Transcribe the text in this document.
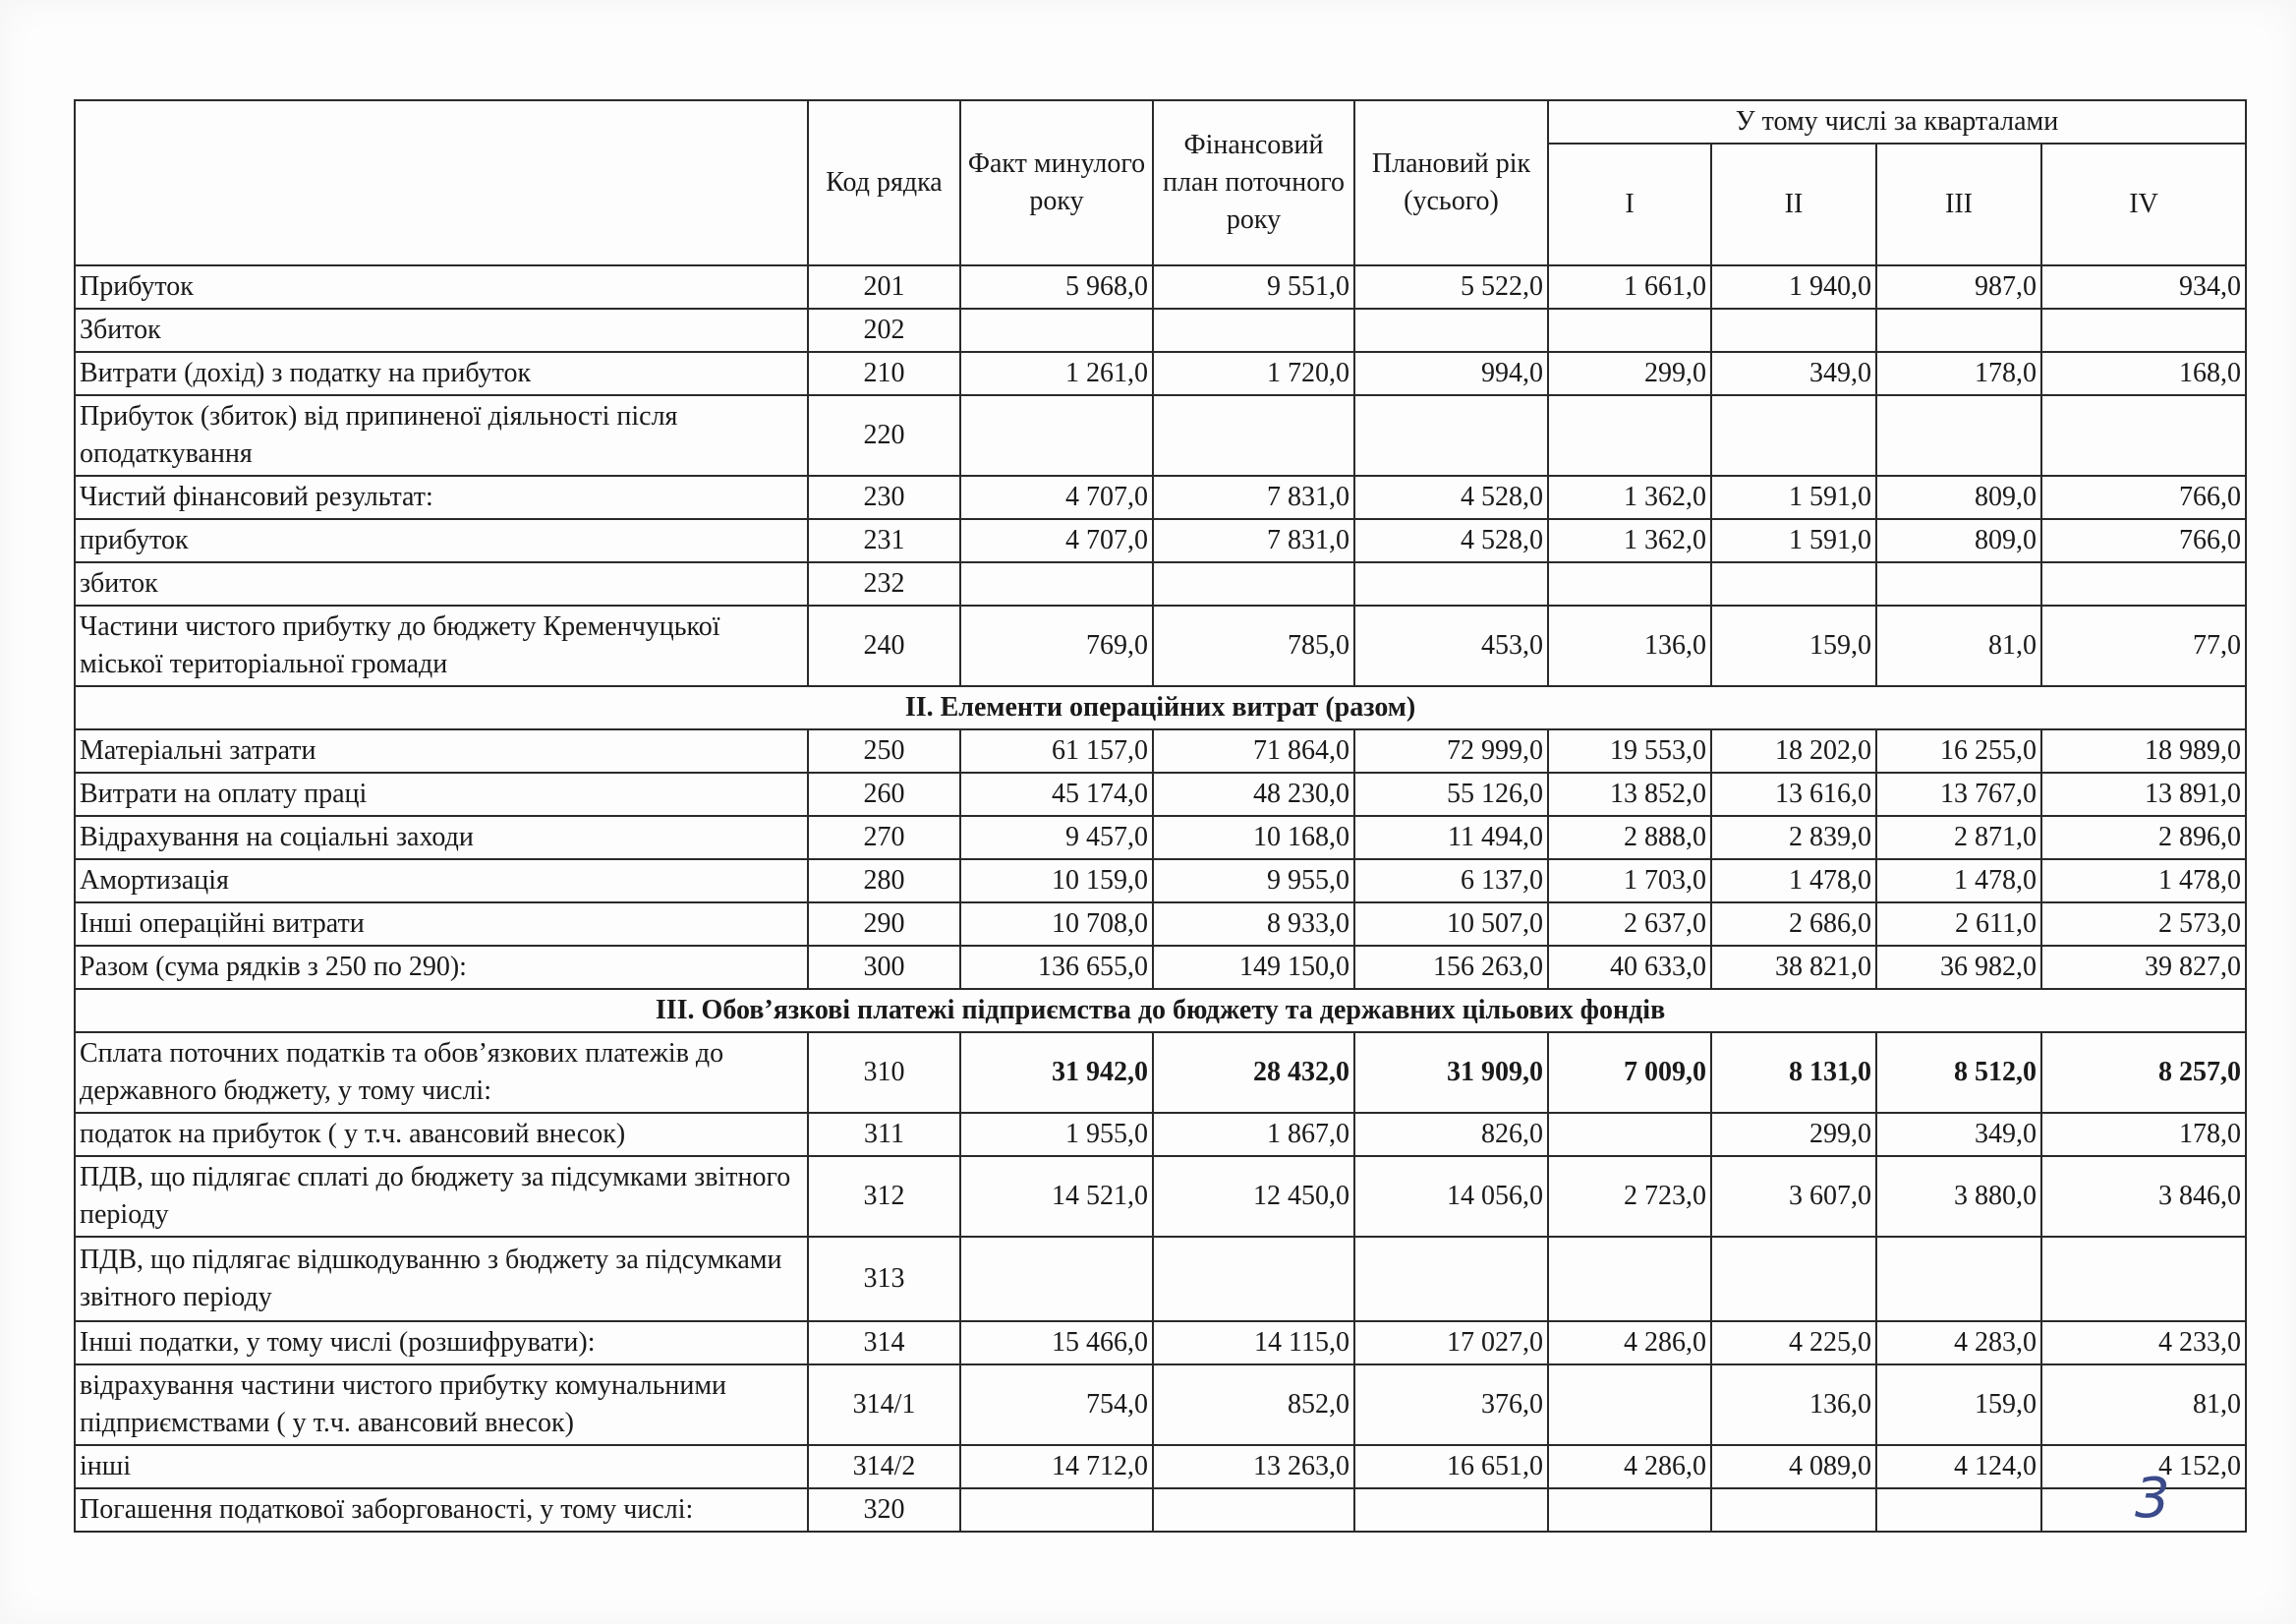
	Код рядка	Факт минулого року	Фінансовий план поточного року	Плановий рік (усього)	У тому числі за кварталами			
					I	II	III	IV
Прибуток	201	5 968,0	9 551,0	5 522,0	1 661,0	1 940,0	987,0	934,0
Збиток	202							
Витрати (дохід) з податку на прибуток	210	1 261,0	1 720,0	994,0	299,0	349,0	178,0	168,0
Прибуток (збиток) від припиненої діяльності після оподаткування	220							
Чистий фінансовий результат:	230	4 707,0	7 831,0	4 528,0	1 362,0	1 591,0	809,0	766,0
прибуток	231	4 707,0	7 831,0	4 528,0	1 362,0	1 591,0	809,0	766,0
збиток	232							
Частини чистого прибутку до бюджету Кременчуцької міської територіальної громади	240	769,0	785,0	453,0	136,0	159,0	81,0	77,0
II. Елементи операційних витрат (разом)								
Матеріальні затрати	250	61 157,0	71 864,0	72 999,0	19 553,0	18 202,0	16 255,0	18 989,0
Витрати на оплату праці	260	45 174,0	48 230,0	55 126,0	13 852,0	13 616,0	13 767,0	13 891,0
Відрахування на соціальні заходи	270	9 457,0	10 168,0	11 494,0	2 888,0	2 839,0	2 871,0	2 896,0
Амортизація	280	10 159,0	9 955,0	6 137,0	1 703,0	1 478,0	1 478,0	1 478,0
Інші операційні витрати	290	10 708,0	8 933,0	10 507,0	2 637,0	2 686,0	2 611,0	2 573,0
Разом (сума рядків з 250 по 290):	300	136 655,0	149 150,0	156 263,0	40 633,0	38 821,0	36 982,0	39 827,0
III. Обов’язкові платежі підприємства до бюджету та державних цільових фондів								
Сплата поточних податків та обов’язкових платежів до державного бюджету, у тому числі:	310	31 942,0	28 432,0	31 909,0	7 009,0	8 131,0	8 512,0	8 257,0
податок на прибуток ( у т.ч. авансовий внесок)	311	1 955,0	1 867,0	826,0		299,0	349,0	178,0
ПДВ, що підлягає сплаті до бюджету за підсумками звітного періоду	312	14 521,0	12 450,0	14 056,0	2 723,0	3 607,0	3 880,0	3 846,0
ПДВ, що підлягає відшкодуванню з бюджету за підсумками звітного періоду	313							
Інші податки, у тому числі (розшифрувати):	314	15 466,0	14 115,0	17 027,0	4 286,0	4 225,0	4 283,0	4 233,0
відрахування частини чистого прибутку комунальними підприємствами ( у т.ч. авансовий внесок)	314/1	754,0	852,0	376,0		136,0	159,0	81,0
інші	314/2	14 712,0	13 263,0	16 651,0	4 286,0	4 089,0	4 124,0	4 152,0
Погашення податкової заборгованості, у тому числі:	320								3
